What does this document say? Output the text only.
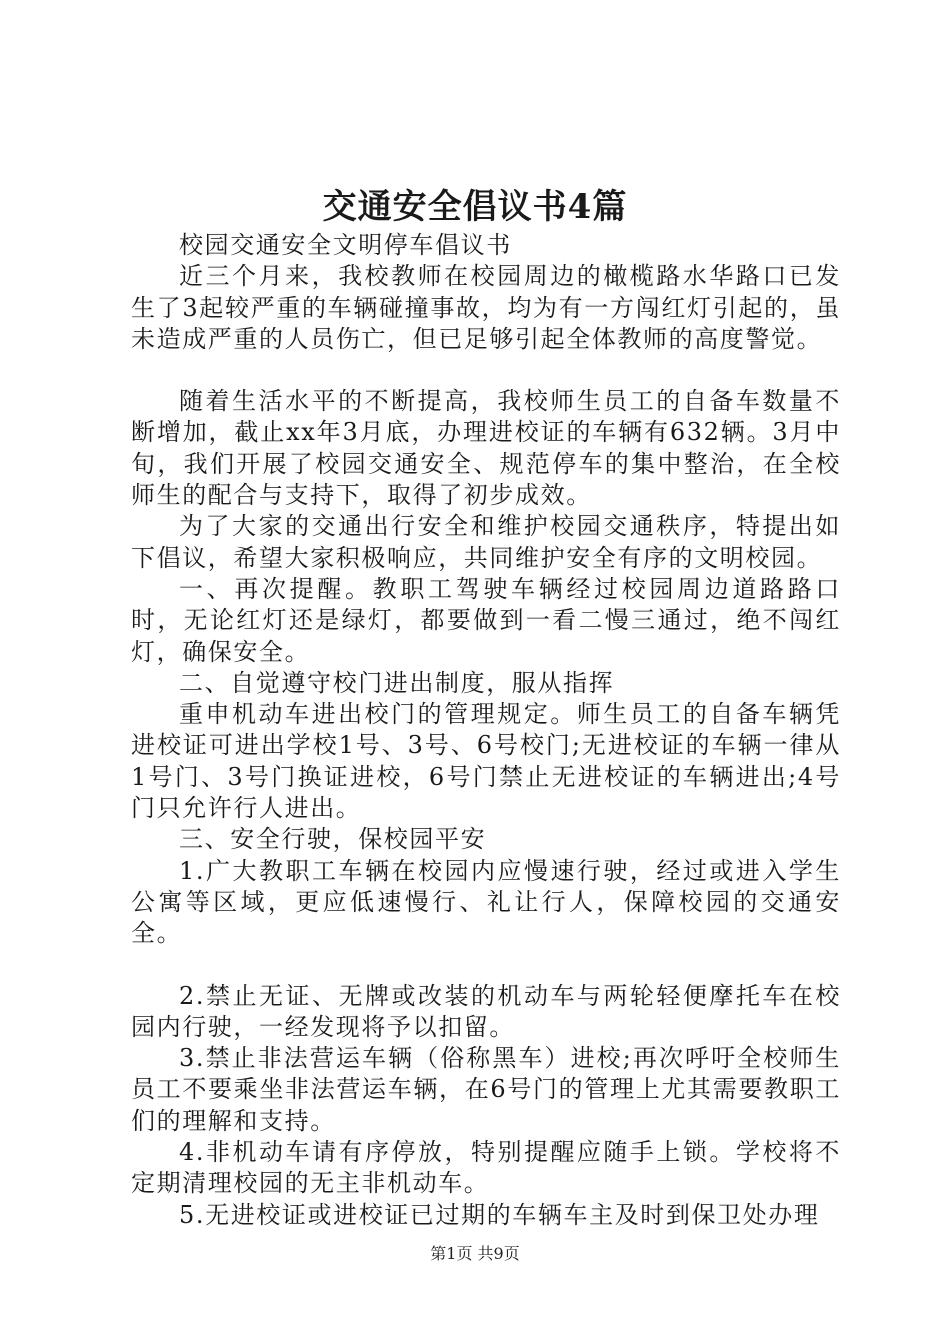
交通安全倡议书4篇

校园交通安全文明停车倡议书

近三个月来，我校教师在校园周边的橄榄路水华路口已发生了3起较严重的车辆碰撞事故，均为有一方闯红灯引起的，虽未造成严重的人员伤亡，但已足够引起全体教师的高度警觉。

随着生活水平的不断提高，我校师生员工的自备车数量不断增加，截止xx年3月底，办理进校证的车辆有632辆。3月中旬，我们开展了校园交通安全、规范停车的集中整治，在全校师生的配合与支持下，取得了初步成效。

为了大家的交通出行安全和维护校园交通秩序，特提出如下倡议，希望大家积极响应，共同维护安全有序的文明校园。

一、再次提醒。教职工驾驶车辆经过校园周边道路路口时，无论红灯还是绿灯，都要做到一看二慢三通过，绝不闯红灯，确保安全。

二、自觉遵守校门进出制度，服从指挥

重申机动车进出校门的管理规定。师生员工的自备车辆凭进校证可进出学校1号、3号、6号校门;无进校证的车辆一律从1号门、3号门换证进校，6号门禁止无进校证的车辆进出;4号门只允许行人进出。

三、安全行驶，保校园平安

1.广大教职工车辆在校园内应慢速行驶，经过或进入学生公寓等区域，更应低速慢行、礼让行人，保障校园的交通安全。

2.禁止无证、无牌或改装的机动车与两轮轻便摩托车在校园内行驶，一经发现将予以扣留。

3.禁止非法营运车辆（俗称黑车）进校;再次呼吁全校师生员工不要乘坐非法营运车辆，在6号门的管理上尤其需要教职工们的理解和支持。

4.非机动车请有序停放，特别提醒应随手上锁。学校将不定期清理校园的无主非机动车。

5.无进校证或进校证已过期的车辆车主及时到保卫处办理

第1页 共9页
